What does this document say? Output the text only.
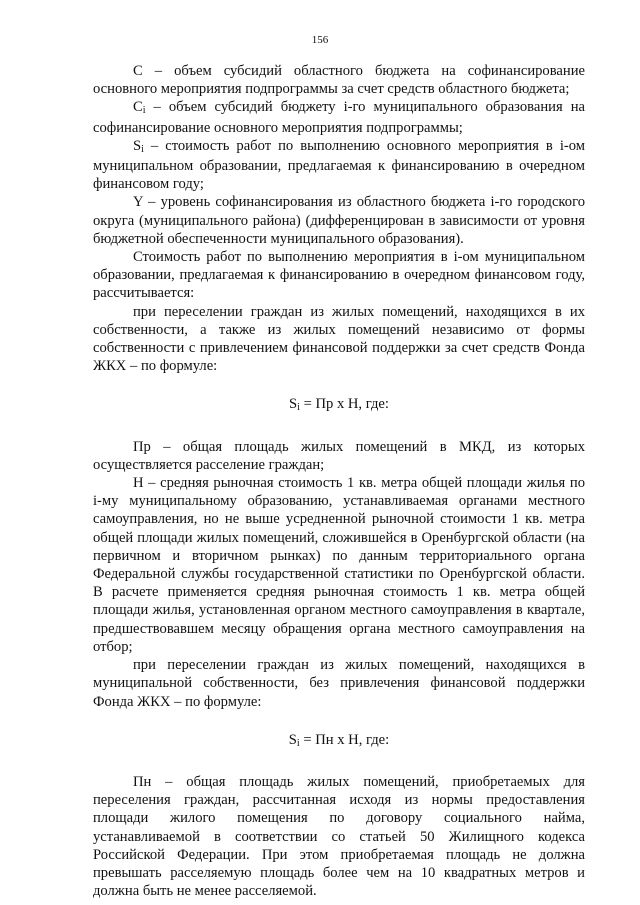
156

С – объем субсидий областного бюджета на софинансирование основного мероприятия подпрограммы за счет средств областного бюджета;

$C_i$ – объем субсидий бюджету i-го муниципального образования на софинансирование основного мероприятия подпрограммы;

$S_i$ – стоимость работ по выполнению основного мероприятия в i-ом муниципальном образовании, предлагаемая к финансированию в очередном финансовом году;

Y – уровень софинансирования из областного бюджета i-го городского округа (муниципального района) (дифференцирован в зависимости от уровня бюджетной обеспеченности муниципального образования).

Стоимость работ по выполнению мероприятия в i-ом муниципальном образовании, предлагаемая к финансированию в очередном финансовом году, рассчитывается:

при переселении граждан из жилых помещений, находящихся в их собственности, а также из жилых помещений независимо от формы собственности с привлечением финансовой поддержки за счет средств Фонда ЖКХ – по формуле:

$S_i$ = Пр х Н, где:

Пр – общая площадь жилых помещений в МКД, из которых осуществляется расселение граждан;

Н – средняя рыночная стоимость 1 кв. метра общей площади жилья по i-му муниципальному образованию, устанавливаемая органами местного самоуправления, но не выше усредненной рыночной стоимости 1 кв. метра общей площади жилых помещений, сложившейся в Оренбургской области (на первичном и вторичном рынках) по данным территориального органа Федеральной службы государственной статистики по Оренбургской области. В расчете применяется средняя рыночная стоимость 1 кв. метра общей площади жилья, установленная органом местного самоуправления в квартале, предшествовавшем месяцу обращения органа местного самоуправления на отбор;

при переселении граждан из жилых помещений, находящихся в муниципальной собственности, без привлечения финансовой поддержки Фонда ЖКХ – по формуле:

$S_i$ = Пн х Н, где:

Пн – общая площадь жилых помещений, приобретаемых для переселения граждан, рассчитанная исходя из нормы предоставления площади жилого помещения по договору социального найма, устанавливаемой в соответствии со статьей 50 Жилищного кодекса Российской Федерации. При этом приобретаемая площадь не должна превышать расселяемую площадь более чем на 10 квадратных метров и должна быть не менее расселяемой.
